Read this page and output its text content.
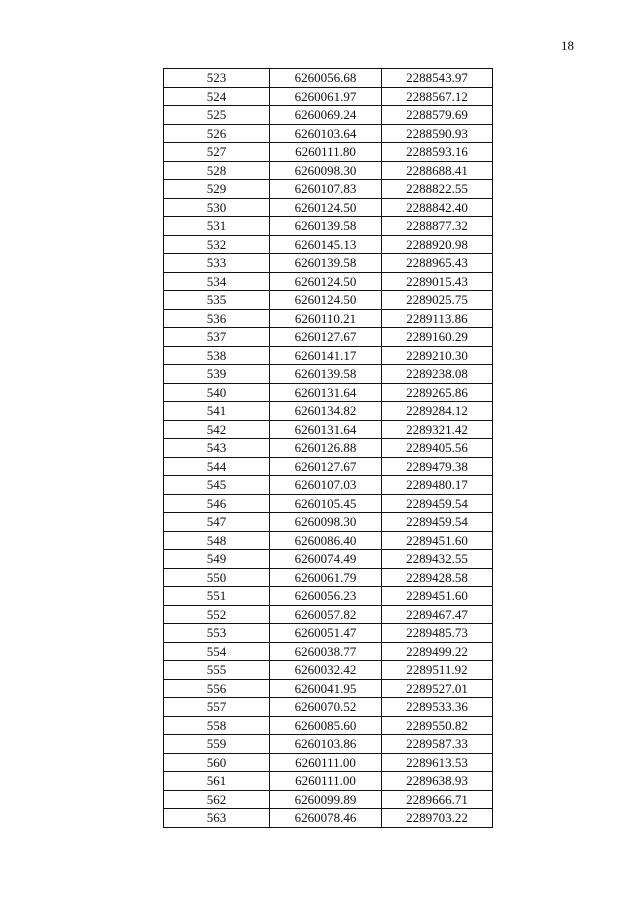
18
523	6260056.68	2288543.97
524	6260061.97	2288567.12
525	6260069.24	2288579.69
526	6260103.64	2288590.93
527	6260111.80	2288593.16
528	6260098.30	2288688.41
529	6260107.83	2288822.55
530	6260124.50	2288842.40
531	6260139.58	2288877.32
532	6260145.13	2288920.98
533	6260139.58	2288965.43
534	6260124.50	2289015.43
535	6260124.50	2289025.75
536	6260110.21	2289113.86
537	6260127.67	2289160.29
538	6260141.17	2289210.30
539	6260139.58	2289238.08
540	6260131.64	2289265.86
541	6260134.82	2289284.12
542	6260131.64	2289321.42
543	6260126.88	2289405.56
544	6260127.67	2289479.38
545	6260107.03	2289480.17
546	6260105.45	2289459.54
547	6260098.30	2289459.54
548	6260086.40	2289451.60
549	6260074.49	2289432.55
550	6260061.79	2289428.58
551	6260056.23	2289451.60
552	6260057.82	2289467.47
553	6260051.47	2289485.73
554	6260038.77	2289499.22
555	6260032.42	2289511.92
556	6260041.95	2289527.01
557	6260070.52	2289533.36
558	6260085.60	2289550.82
559	6260103.86	2289587.33
560	6260111.00	2289613.53
561	6260111.00	2289638.93
562	6260099.89	2289666.71
563	6260078.46	2289703.22
